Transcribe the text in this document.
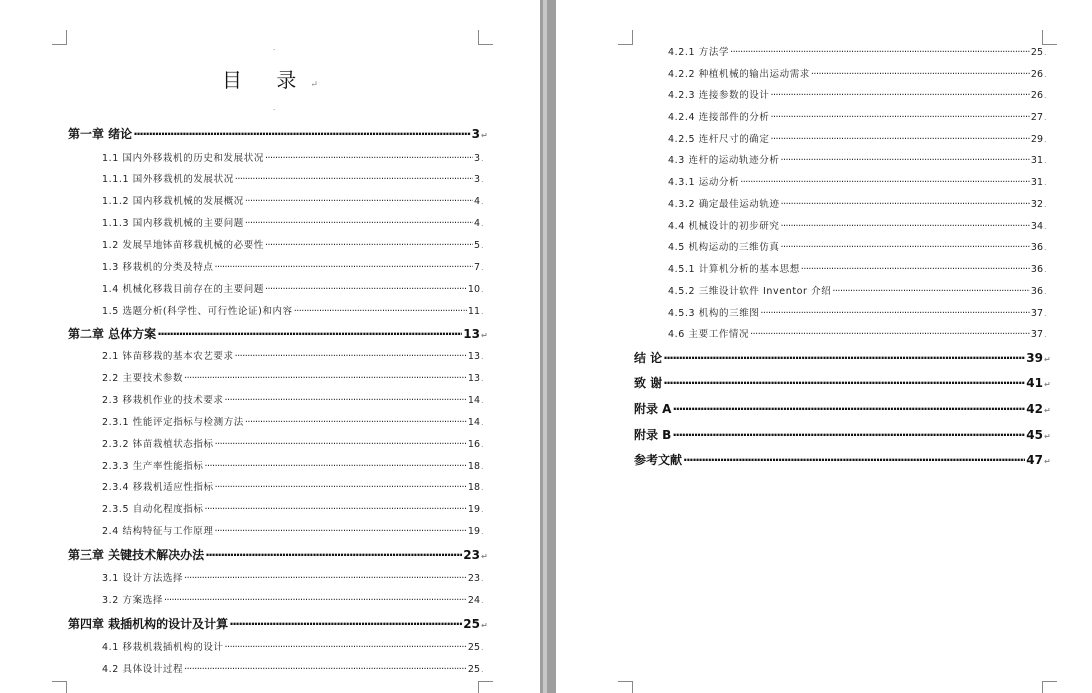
·
·
目 录↵
第一章 绪论 ·····	3 ↵
1.1 国内外移栽机的历史和发展状况 ·····	3 .
1.1.1 国外移栽机的发展状况 ·····	3 .
1.1.2 国内移栽机械的发展概况 ·····	4 .
1.1.3 国内移栽机械的主要问题 ·····	4 .
1.2 发展旱地钵苗移栽机械的必要性 ·····	5 .
1.3 移栽机的分类及特点 ·····	7 .
1.4 机械化移栽目前存在的主要问题 ·····	10 .
1.5 选题分析(科学性、可行性论证)和内容 ·····	11 .
第二章 总体方案 ·····	13 ↵
2.1 钵苗移栽的基本农艺要求 ·····	13 .
2.2 主要技术参数 ·····	13 .
2.3 移栽机作业的技术要求 ·····	14 .
2.3.1 性能评定指标与检测方法 ·····	14 .
2.3.2 钵苗栽植状态指标 ·····	16 .
2.3.3 生产率性能指标 ·····	18 .
2.3.4 移栽机适应性指标 ·····	18 .
2.3.5 自动化程度指标 ·····	19 .
2.4 结构特征与工作原理 ·····	19 .
第三章 关键技术解决办法 ·····	23 ↵
3.1 设计方法选择 ·····	23 .
3.2 方案选择 ·····	24 .
第四章 栽插机构的设计及计算 ·····	25 ↵
4.1 移栽机栽插机构的设计 ·····	25 .
4.2 具体设计过程 ·····	25 .
4.2.1 方法学 ·····	25 .
4.2.2 种植机械的输出运动需求 ·····	26 .
4.2.3 连接参数的设计 ·····	26 .
4.2.4 连接部件的分析 ·····	27 .
4.2.5 连杆尺寸的确定 ·····	29 .
4.3 连杆的运动轨迹分析 ·····	31 .
4.3.1 运动分析 ·····	31 .
4.3.2 确定最佳运动轨迹 ·····	32 .
4.4 机械设计的初步研究 ·····	34 .
4.5 机构运动的三维仿真 ·····	36 .
4.5.1 计算机分析的基本思想 ·····	36 .
4.5.2 三维设计软件 Inventor 介绍 ·····	36 .
4.5.3 机构的三维图 ·····	37 .
4.6 主要工作情况 ·····	37 .
结 论 ·····	39 ↵
致 谢 ·····	41 ↵
附录 A ·····	42 ↵
附录 B ·····	45 ↵
参考文献 ·····	47 ↵
